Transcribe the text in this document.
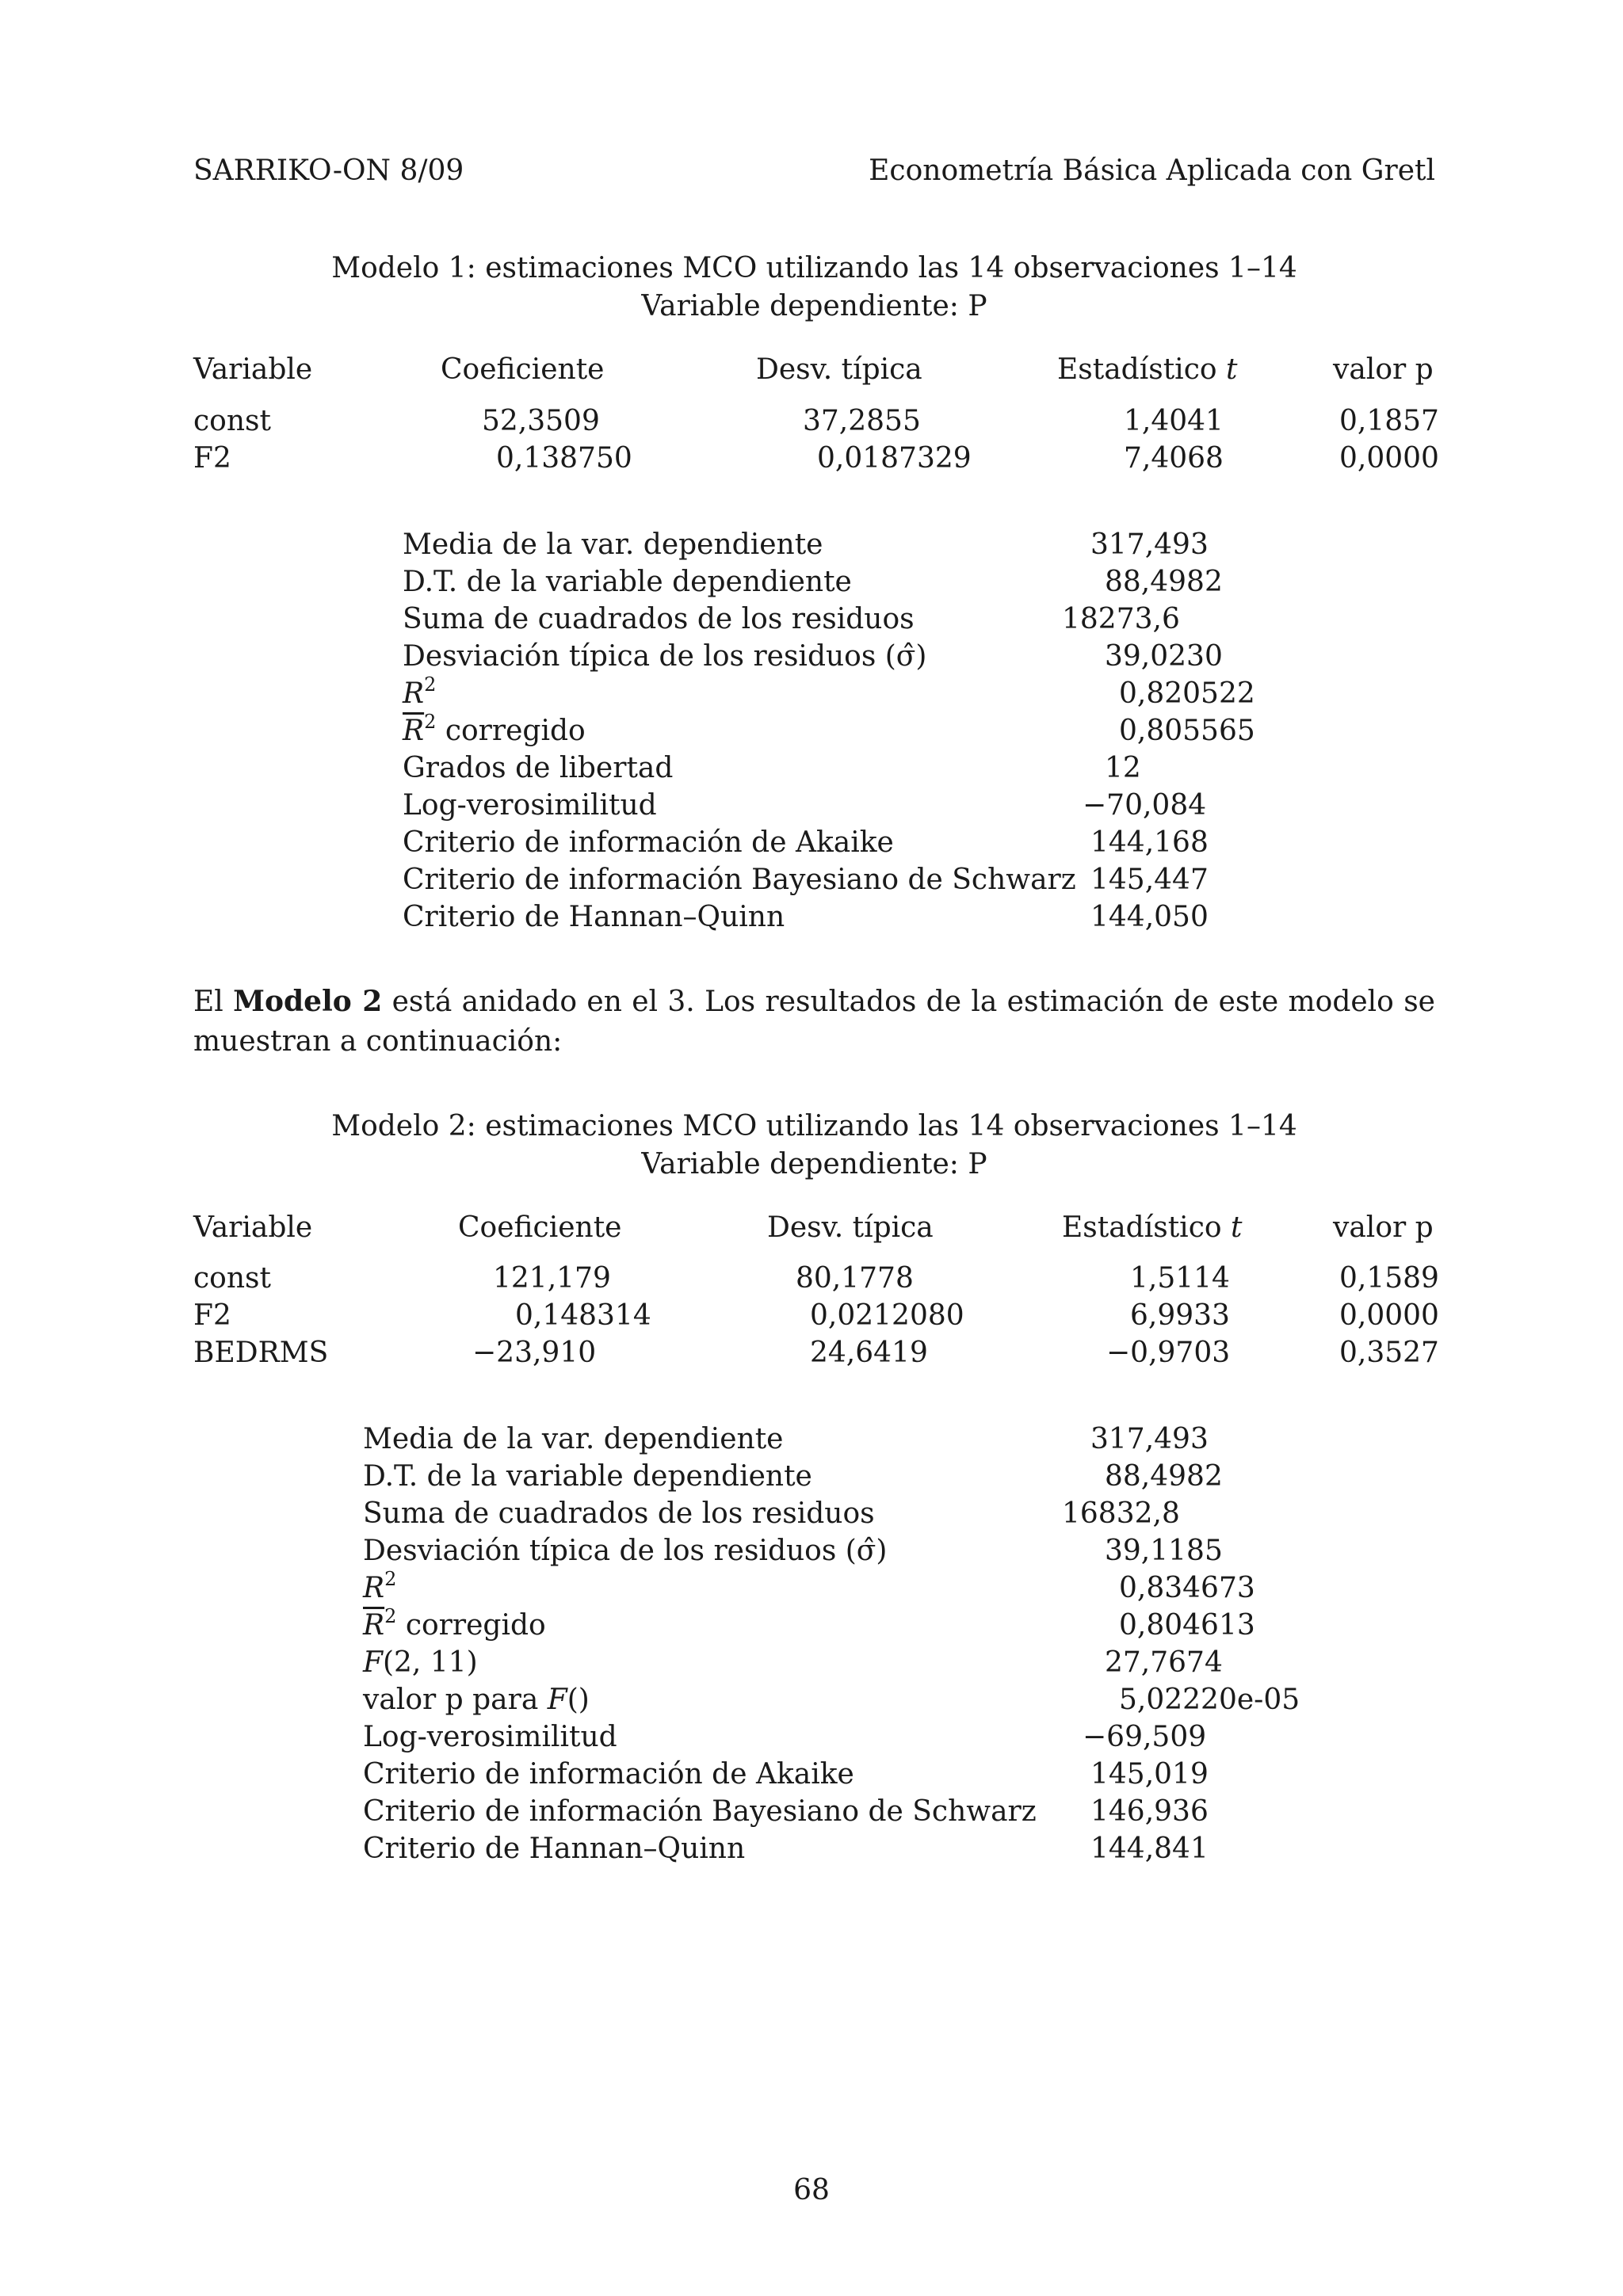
SARRIKO-ON 8/09	Econometría Básica Aplicada con Gretl
Modelo 1: estimaciones MCO utilizando las 14 observaciones 1–14
Variable dependiente: P
Variable	Coeficiente	Desv. típica	Estadístico t	valor p
const	52,3509	37,2855	1,4041	0,1857
F2	0,138750	0,0187329	7,4068	0,0000
Media de la var. dependiente	317,493
D.T. de la variable dependiente	88,4982
Suma de cuadrados de los residuos	18273,6
Desviación típica de los residuos (σ̂)	39,0230
$R^2$	0,820522
$\overline{R}^2$ corregido	0,805565
Grados de libertad	12
Log-verosimilitud	−70,084
Criterio de información de Akaike	144,168
Criterio de información Bayesiano de Schwarz 145,447
Criterio de Hannan–Quinn	144,050

El Modelo 2 está anidado en el 3. Los resultados de la estimación de este modelo se muestran a continuación:

Modelo 2: estimaciones MCO utilizando las 14 observaciones 1–14
Variable dependiente: P
Variable	Coeficiente	Desv. típica	Estadístico t	valor p
const	121,179	80,1778	1,5114	0,1589
F2	0,148314	0,0212080	6,9933	0,0000
BEDRMS	−23,910	24,6419	−0,9703	0,3527
Media de la var. dependiente	317,493
D.T. de la variable dependiente	88,4982
Suma de cuadrados de los residuos	16832,8
Desviación típica de los residuos (σ̂)	39,1185
$R^2$	0,834673
$\overline{R}^2$ corregido	0,804613
F(2, 11)	27,7674
valor p para F()	5,02220e-05
Log-verosimilitud	−69,509
Criterio de información de Akaike	145,019
Criterio de información Bayesiano de Schwarz 146,936
Criterio de Hannan–Quinn	144,841
68
